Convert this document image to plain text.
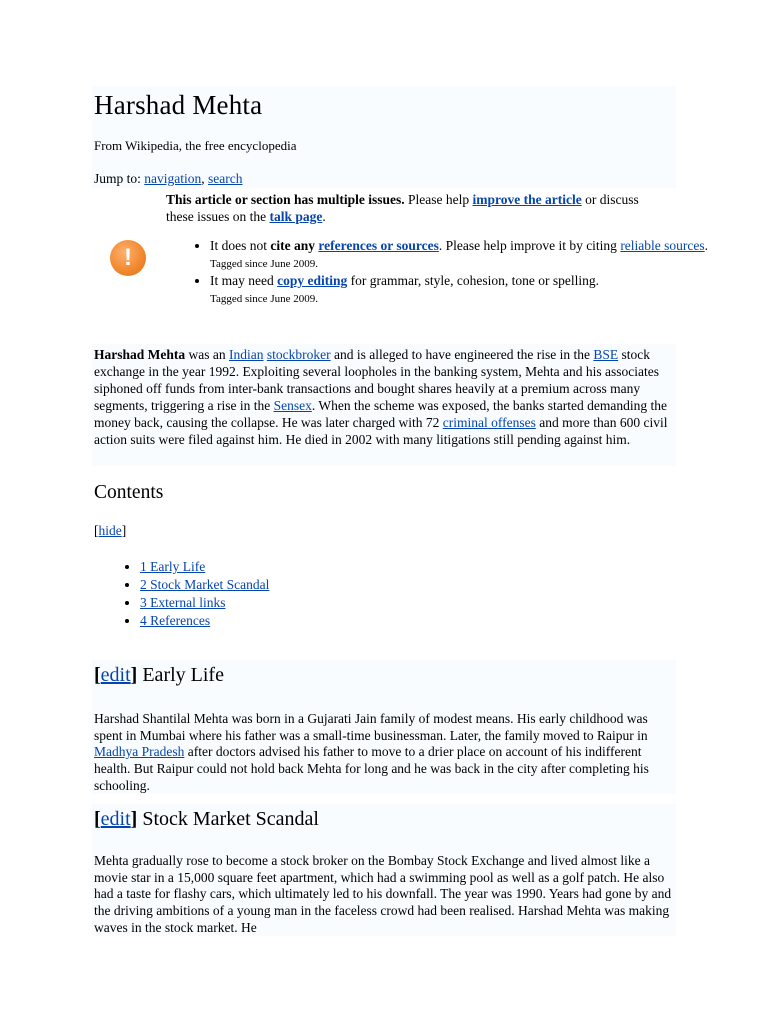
Harshad Mehta
From Wikipedia, the free encyclopedia
Jump to: navigation, search
!
This article or section has multiple issues. Please help improve the article or discuss these issues on the talk page.
• It does not cite any references or sources. Please help improve it by citing reliable sources. Tagged since June 2009.
• It may need copy editing for grammar, style, cohesion, tone or spelling.
Tagged since June 2009.

Harshad Mehta was an Indian stockbroker and is alleged to have engineered the rise in the BSE stock exchange in the year 1992. Exploiting several loopholes in the banking system, Mehta and his associates siphoned off funds from inter-bank transactions and bought shares heavily at a premium across many segments, triggering a rise in the Sensex. When the scheme was exposed, the banks started demanding the money back, causing the collapse. He was later charged with 72 criminal offenses and more than 600 civil action suits were filed against him. He died in 2002 with many litigations still pending against him.

Contents
[hide]
• 1 Early Life
• 2 Stock Market Scandal
• 3 External links
• 4 References
[edit] Early Life

Harshad Shantilal Mehta was born in a Gujarati Jain family of modest means. His early childhood was spent in Mumbai where his father was a small-time businessman. Later, the family moved to Raipur in Madhya Pradesh after doctors advised his father to move to a drier place on account of his indifferent health. But Raipur could not hold back Mehta for long and he was back in the city after completing his schooling.

[edit] Stock Market Scandal

Mehta gradually rose to become a stock broker on the Bombay Stock Exchange and lived almost like a movie star in a 15,000 square feet apartment, which had a swimming pool as well as a golf patch. He also had a taste for flashy cars, which ultimately led to his downfall. The year was 1990. Years had gone by and the driving ambitions of a young man in the faceless crowd had been realised. Harshad Mehta was making waves in the stock market. He
